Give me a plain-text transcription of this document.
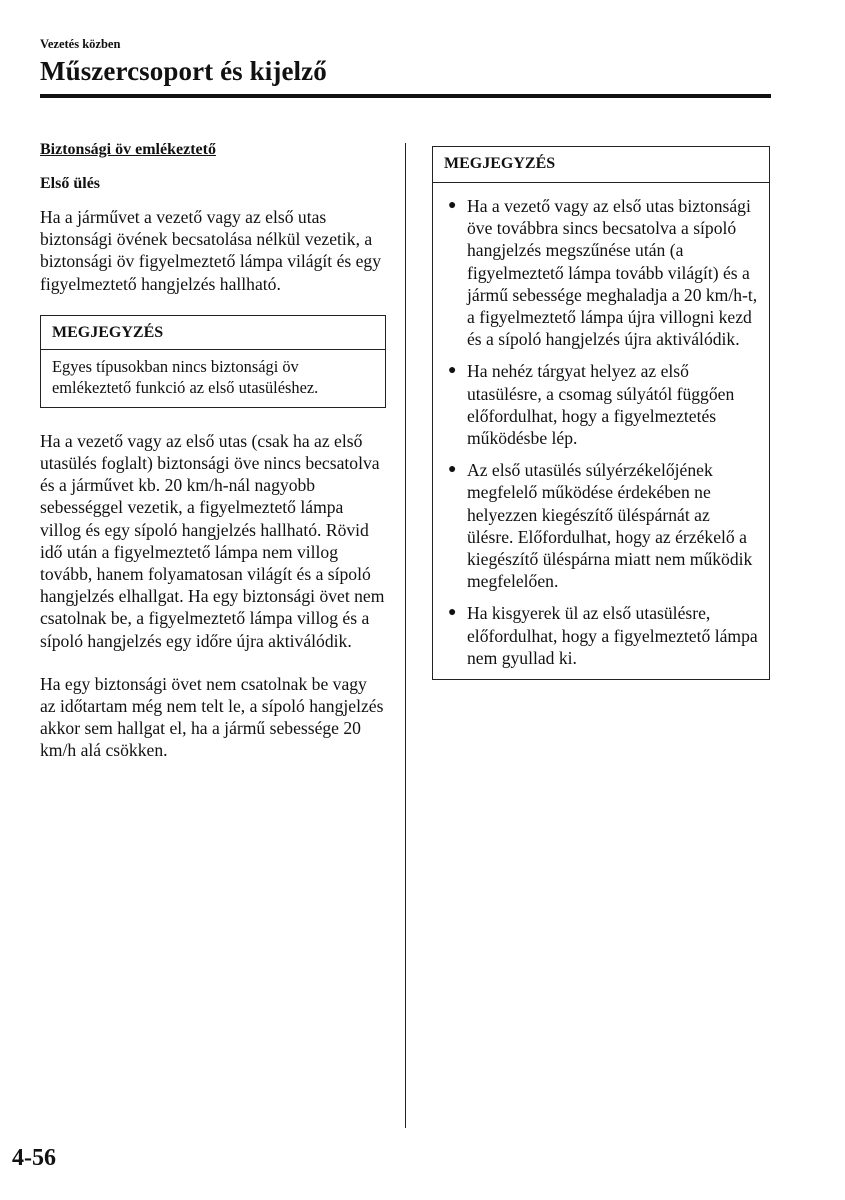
Vezetés közben
Műszercsoport és kijelző

Biztonsági öv emlékeztető

Első ülés

Ha a járművet a vezető vagy az első utas biztonsági övének becsatolása nélkül vezetik, a biztonsági öv figyelmeztető lámpa világít és egy figyelmeztető hangjelzés hallható.

MEGJEGYZÉS
Egyes típusokban nincs biztonsági öv emlékeztető funkció az első utasüléshez.

Ha a vezető vagy az első utas (csak ha az első utasülés foglalt) biztonsági öve nincs becsatolva és a járművet kb. 20 km/h-nál nagyobb sebességgel vezetik, a figyelmeztető lámpa villog és egy sípoló hangjelzés hallható. Rövid idő után a figyelmeztető lámpa nem villog tovább, hanem folyamatosan világít és a sípoló hangjelzés elhallgat. Ha egy biztonsági övet nem csatolnak be, a figyelmeztető lámpa villog és a sípoló hangjelzés egy időre újra aktiválódik.

Ha egy biztonsági övet nem csatolnak be vagy az időtartam még nem telt le, a sípoló hangjelzés akkor sem hallgat el, ha a jármű sebessége 20 km/h alá csökken.

MEGJEGYZÉS
● Ha a vezető vagy az első utas biztonsági öve továbbra sincs becsatolva a sípoló hangjelzés megszűnése után (a figyelmeztető lámpa tovább világít) és a jármű sebessége meghaladja a 20 km/h-t, a figyelmeztető lámpa újra villogni kezd és a sípoló hangjelzés újra aktiválódik.
● Ha nehéz tárgyat helyez az első utasülésre, a csomag súlyától függően előfordulhat, hogy a figyelmeztetés működésbe lép.
● Az első utasülés súlyérzékelőjének megfelelő működése érdekében ne helyezzen kiegészítő üléspárnát az ülésre. Előfordulhat, hogy az érzékelő a kiegészítő üléspárna miatt nem működik megfelelően.
● Ha kisgyerek ül az első utasülésre, előfordulhat, hogy a figyelmeztető lámpa nem gyullad ki.
4-56
